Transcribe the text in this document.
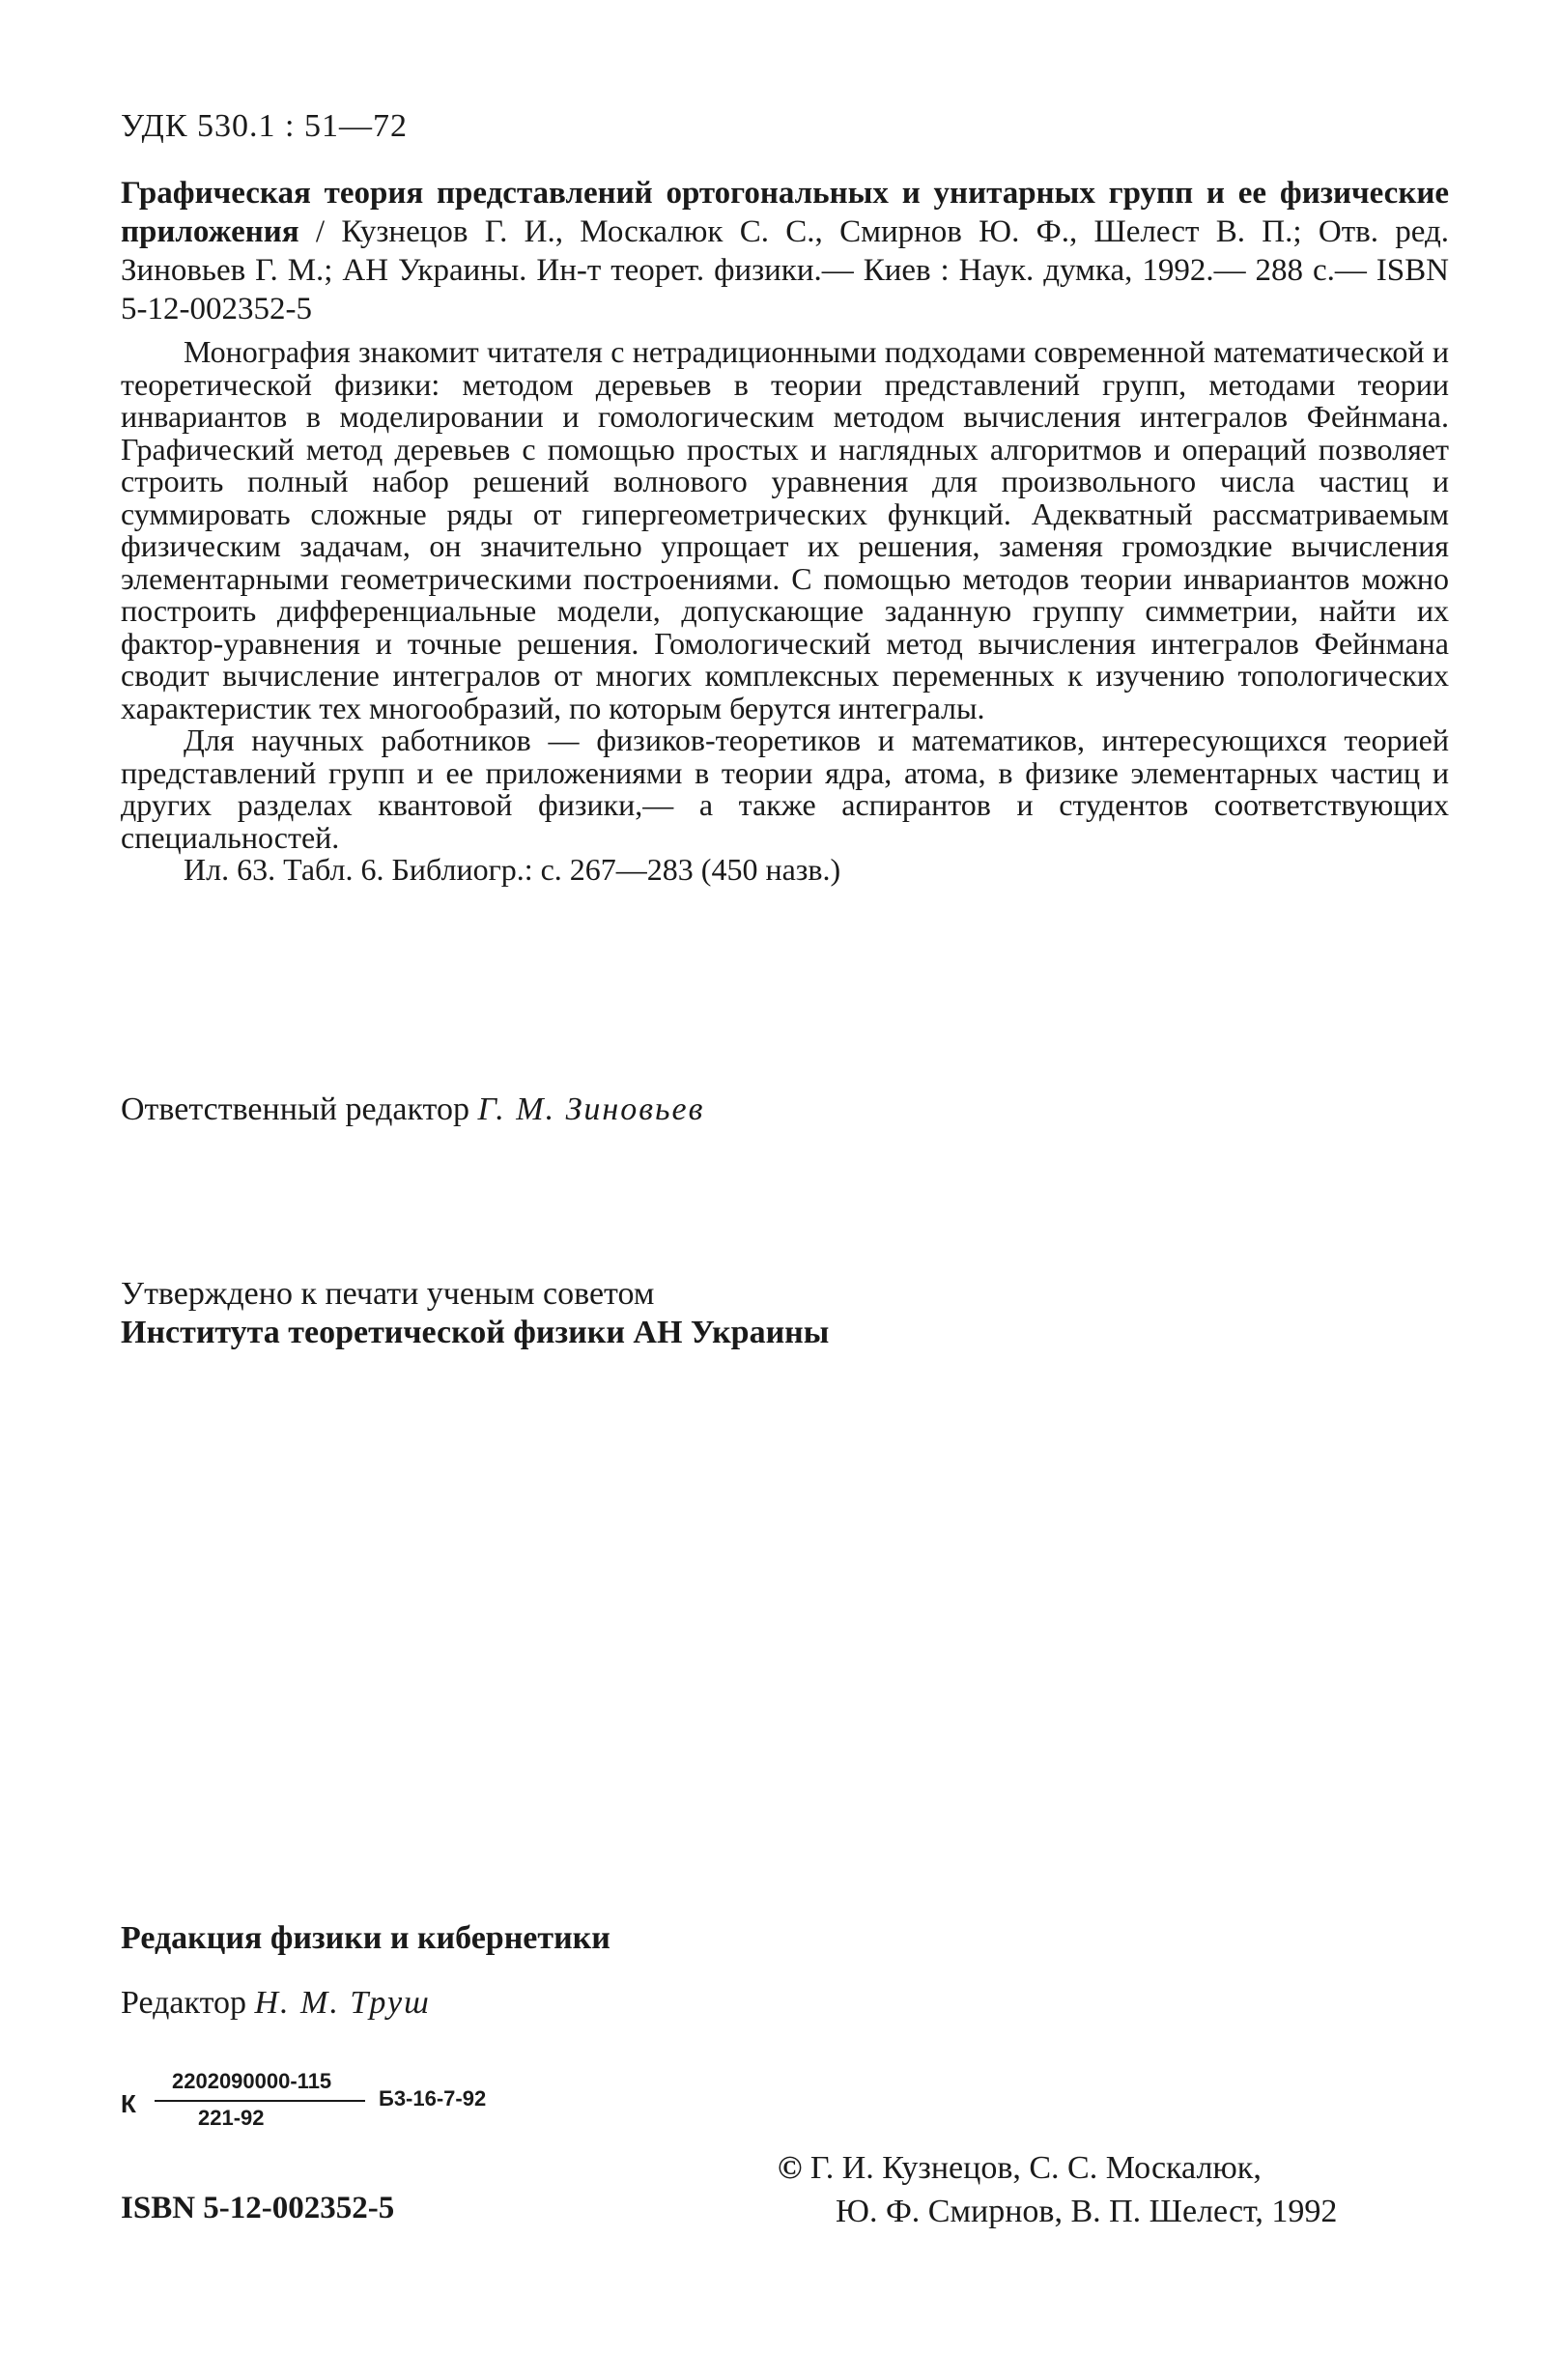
УДК 530.1 : 51—72
Графическая теория представлений ортогональных и унитарных групп и ее физические приложения / Кузнецов Г. И., Москалюк С. С., Смирнов Ю. Ф., Шелест В. П.; Отв. ред. Зиновьев Г. М.; АН Украины. Ин-т теорет. физики.— Киев : Наук. думка, 1992.— 288 с.— ISBN 5-12-002352-5

Монография знакомит читателя с нетрадиционными подходами современной математической и теоретической физики: методом деревьев в теории представлений групп, методами теории инвариантов в моделировании и гомологическим методом вычисления интегралов Фейнмана. Графический метод деревьев с помощью простых и наглядных алгоритмов и операций позволяет строить полный набор решений волнового уравнения для произвольного числа частиц и суммировать сложные ряды от гипергеометрических функций. Адекватный рассматриваемым физическим задачам, он значительно упрощает их решения, заменяя громоздкие вычисления элементарными геометрическими построениями. С помощью методов теории инвариантов можно построить дифференциальные модели, допускающие заданную группу симметрии, найти их фактор-уравнения и точные решения. Гомологический метод вычисления интегралов Фейнмана сводит вычисление интегралов от многих комплексных переменных к изучению топологических характеристик тех многообразий, по которым берутся интегралы.

Для научных работников — физиков-теоретиков и математиков, интересующихся теорией представлений групп и ее приложениями в теории ядра, атома, в физике элементарных частиц и других разделах квантовой физики,— а также аспирантов и студентов соответствующих специальностей.

Ил. 63. Табл. 6. Библиогр.: с. 267—283 (450 назв.)

Ответственный редактор Г. М. Зиновьев
Утверждено к печати ученым советом
Института теоретической физики АН Украины
Редакция физики и кибернетики
Редактор Н. М. Труш
К
2202090000-115
221-92
Б3-16-7-92
ISBN 5-12-002352-5
© Г. И. Кузнецов, С. С. Москалюк,
Ю. Ф. Смирнов, В. П. Шелест, 1992
